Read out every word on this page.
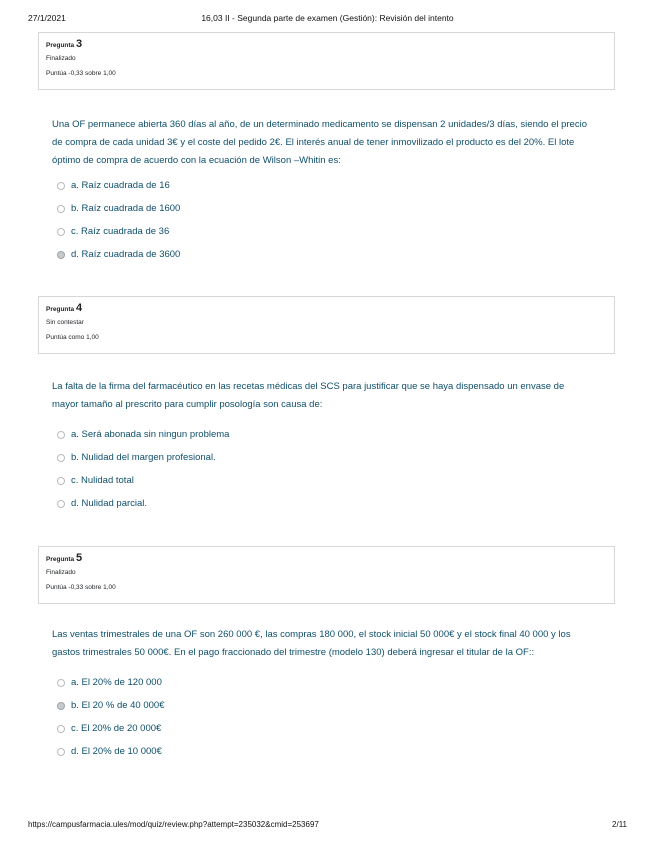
27/1/2021	16,03 II - Segunda parte de examen (Gestión): Revisión del intento
Pregunta 3
Finalizado
Puntúa -0,33 sobre 1,00
Una OF permanece abierta 360 días al año, de un determinado medicamento se dispensan 2 unidades/3 días, siendo el precio de compra de cada unidad 3€ y el coste del pedido 2€. El interés anual de tener inmovilizado el producto es del 20%. El lote óptimo de compra de acuerdo con la ecuación de Wilson –Whitin es:
a. Raíz cuadrada de 16
b. Raíz cuadrada de 1600
c. Raíz cuadrada de 36
d. Raíz cuadrada de 3600
Pregunta 4
Sin contestar
Puntúa como 1,00
La falta de la firma del farmacéutico en las recetas médicas del SCS para justificar que se haya dispensado un envase de mayor tamaño al prescrito para cumplir posología son causa de:
a. Será abonada sin ningun problema
b. Nulidad del margen profesional.
c. Nulidad total
d. Nulidad parcial.
Pregunta 5
Finalizado
Puntúa -0,33 sobre 1,00
Las ventas trimestrales de una OF son 260 000 €, las compras 180 000, el stock inicial 50 000€ y el stock final 40 000 y los gastos trimestrales 50 000€. En el pago fraccionado del trimestre (modelo 130) deberá ingresar el titular de la OF::
a. El 20% de 120 000
b. El 20 % de 40 000€
c. El 20% de 20 000€
d. El 20% de 10 000€
https://campusfarmacia.ules/mod/quiz/review.php?attempt=235032&cmid=253697	2/11
